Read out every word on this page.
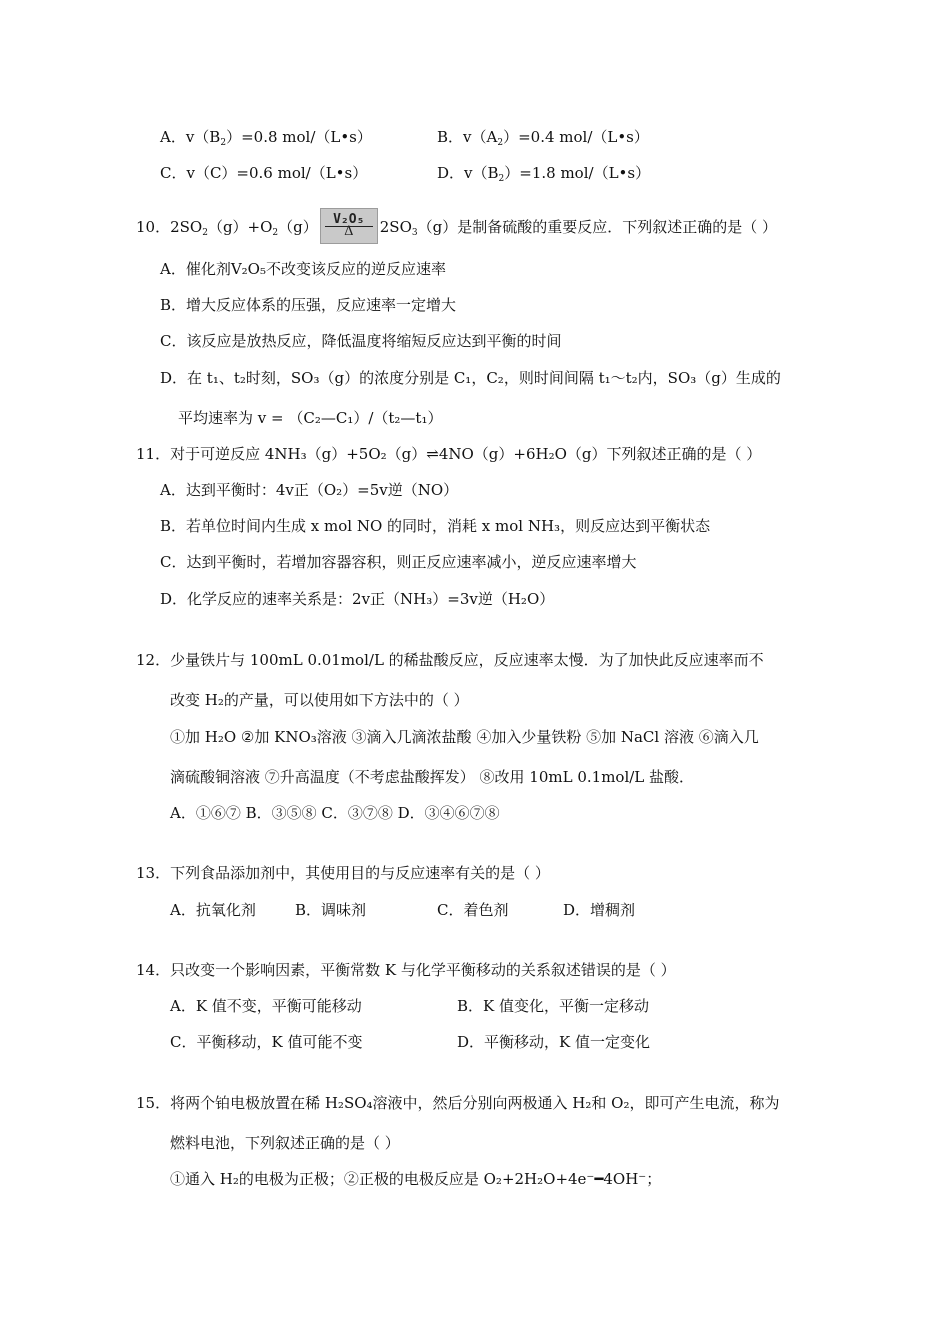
A．$v(B_2)=0.8$ mol/（L•s）	B．$v(A_2)=0.4$ mol/（L•s）
C．v（C）=0.6 mol/（L•s）	D．$v(B_2)=1.8$ mol/（L•s）
10．$2SO_2(g)+O_2(g)$	V₂O₅
Δ	$2SO_3(g)$是制备硫酸的重要反应．下列叙述正确的是（ ）
A．催化剂V₂O₅不改变该反应的逆反应速率
B．增大反应体系的压强，反应速率一定增大
C．该反应是放热反应，降低温度将缩短反应达到平衡的时间
D．在 t₁、t₂时刻，SO₃（g）的浓度分别是 C₁，C₂，则时间间隔 t₁～t₂内，SO₃（g）生成的
平均速率为 v = （C₂—C₁）/（t₂—t₁）
11．对于可逆反应 4NH₃（g）+5O₂（g）⇌4NO（g）+6H₂O（g）下列叙述正确的是（ ）
A．达到平衡时：4v正（O₂）=5v逆（NO）
B．若单位时间内生成 x mol NO 的同时，消耗 x mol NH₃，则反应达到平衡状态
C．达到平衡时，若增加容器容积，则正反应速率减小，逆反应速率增大
D．化学反应的速率关系是：2v正（NH₃）=3v逆（H₂O）
12．少量铁片与 100mL 0.01mol/L 的稀盐酸反应，反应速率太慢．为了加快此反应速率而不
改变 H₂的产量，可以使用如下方法中的（ ）
①加 H₂O ②加 KNO₃溶液 ③滴入几滴浓盐酸 ④加入少量铁粉 ⑤加 NaCl 溶液 ⑥滴入几
滴硫酸铜溶液 ⑦升高温度（不考虑盐酸挥发） ⑧改用 10mL 0.1mol/L 盐酸．
A．①⑥⑦ B．③⑤⑧ C．③⑦⑧ D．③④⑥⑦⑧
13．下列食品添加剂中，其使用目的与反应速率有关的是（ ）
A．抗氧化剂	B．调味剂	C．着色剂	D．增稠剂
14．只改变一个影响因素，平衡常数 K 与化学平衡移动的关系叙述错误的是（ ）
A．K 值不变，平衡可能移动	B．K 值变化，平衡一定移动
C．平衡移动，K 值可能不变	D．平衡移动，K 值一定变化
15．将两个铂电极放置在稀 H₂SO₄溶液中，然后分别向两极通入 H₂和 O₂，即可产生电流，称为
燃料电池，下列叙述正确的是（ ）
①通入 H₂的电极为正极；②正极的电极反应是 O₂+2H₂O+4e⁻━4OH⁻；
